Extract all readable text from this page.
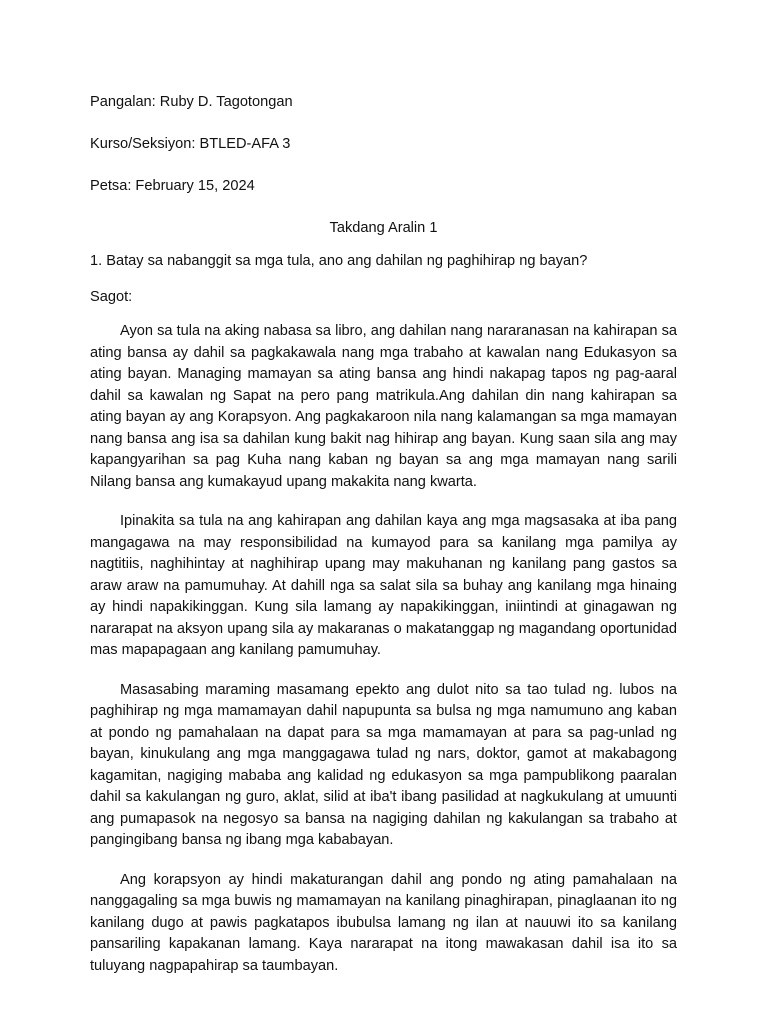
Pangalan: Ruby D. Tagotongan

Kurso/Seksiyon: BTLED-AFA 3

Petsa: February 15, 2024

Takdang Aralin 1

1. Batay sa nabanggit sa mga tula, ano ang dahilan ng paghihirap ng bayan?

Sagot:

Ayon sa tula na aking nabasa sa libro, ang dahilan nang nararanasan na kahirapan sa ating bansa ay dahil sa pagkakawala nang mga trabaho at kawalan nang Edukasyon sa ating bayan. Managing mamayan sa ating bansa ang hindi nakapag tapos ng pag-aaral dahil sa kawalan ng Sapat na pero pang matrikula.Ang dahilan din nang kahirapan sa ating bayan ay ang Korapsyon. Ang pagkakaroon nila nang kalamangan sa mga mamayan nang bansa ang isa sa dahilan kung bakit nag hihirap ang bayan. Kung saan sila ang may kapangyarihan sa pag Kuha nang kaban ng bayan sa ang mga mamayan nang sarili Nilang bansa ang kumakayud upang makakita nang kwarta.

Ipinakita sa tula na ang kahirapan ang dahilan kaya ang mga magsasaka at iba pang mangagawa na may responsibilidad na kumayod para sa kanilang mga pamilya ay nagtitiis, naghihintay at naghihirap upang may makuhanan ng kanilang pang gastos sa araw araw na pamumuhay. At dahill nga sa salat sila sa buhay ang kanilang mga hinaing ay hindi napakikinggan. Kung sila lamang ay napakikinggan, iniintindi at ginagawan ng nararapat na aksyon upang sila ay makaranas o makatanggap ng magandang oportunidad mas mapapagaan ang kanilang pamumuhay.

Masasabing maraming masamang epekto ang dulot nito sa tao tulad ng. lubos na paghihirap ng mga mamamayan dahil napupunta sa bulsa ng mga namumuno ang kaban at pondo ng pamahalaan na dapat para sa mga mamamayan at para sa pag-unlad ng bayan, kinukulang ang mga manggagawa tulad ng nars, doktor, gamot at makabagong kagamitan, nagiging mababa ang kalidad ng edukasyon sa mga pampublikong paaralan dahil sa kakulangan ng guro, aklat, silid at iba't ibang pasilidad at nagkukulang at umuunti ang pumapasok na negosyo sa bansa na nagiging dahilan ng kakulangan sa trabaho at pangingibang bansa ng ibang mga kababayan.

Ang korapsyon ay hindi makaturangan dahil ang pondo ng ating pamahalaan na nanggagaling sa mga buwis ng mamamayan na kanilang pinaghirapan, pinaglaanan ito ng kanilang dugo at pawis pagkatapos ibubulsa lamang ng ilan at nauuwi ito sa kanilang pansariling kapakanan lamang. Kaya nararapat na itong mawakasan dahil isa ito sa tuluyang nagpapahirap sa taumbayan.
